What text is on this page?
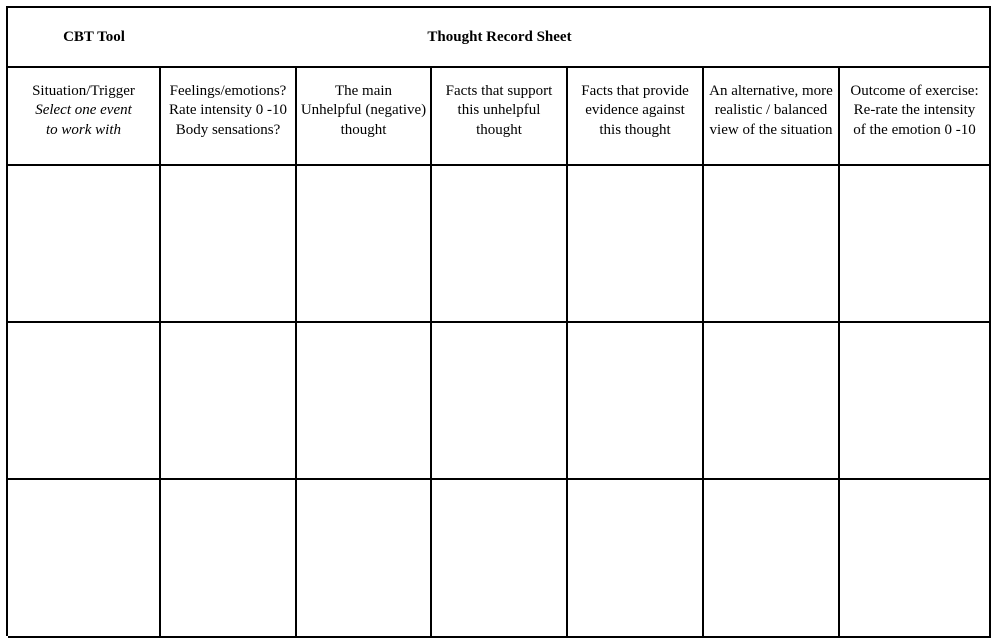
CBT Tool	Thought Record Sheet
Situation/Trigger
Select one event
to work with
Feelings/emotions?
Rate intensity 0 -10
Body sensations?
The main
Unhelpful (negative)
thought
Facts that support
this unhelpful
thought
Facts that provide
evidence against
this thought
An alternative, more
realistic / balanced
view of the situation
Outcome of exercise:
Re-rate the intensity
of the emotion 0 -10
